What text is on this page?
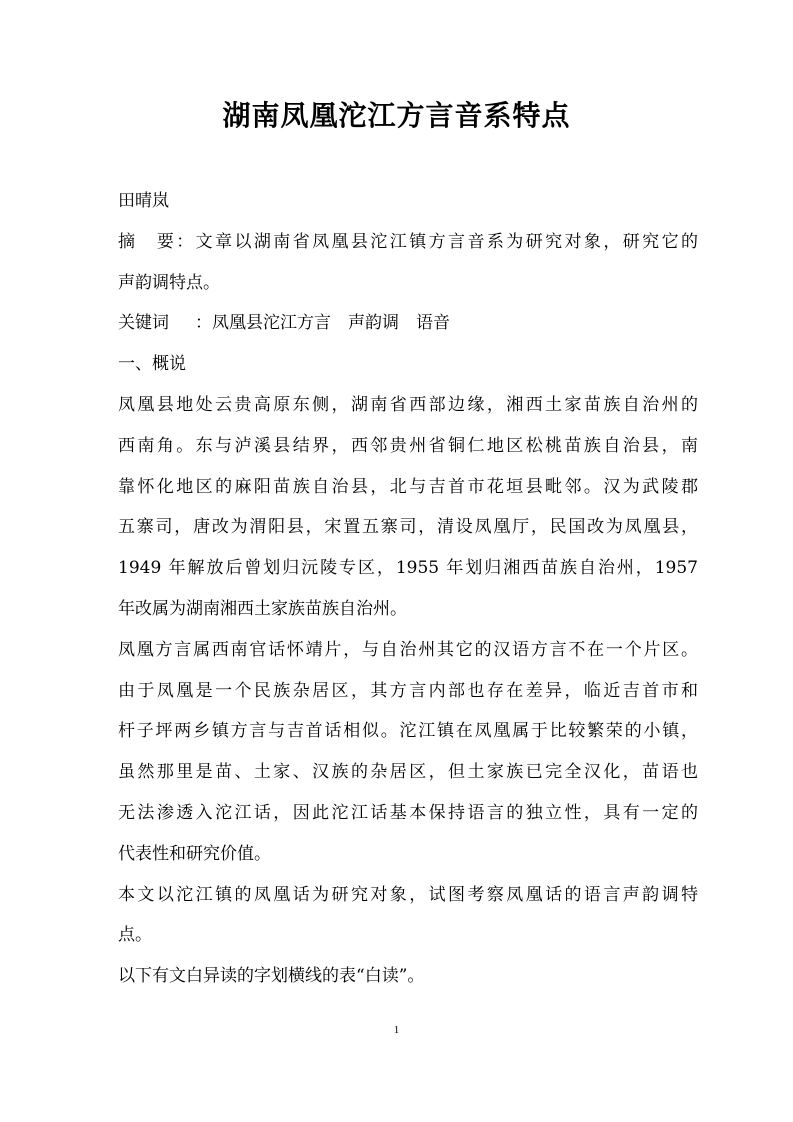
湖南凤凰沱江方言音系特点
田晴岚
摘　要：文章以湖南省凤凰县沱江镇方言音系为研究对象，研究它的
声韵调特点。
关键词 ：凤凰县沱江方言　声韵调　语音
一、概说
凤凰县地处云贵高原东侧，湖南省西部边缘，湘西土家苗族自治州的
西南角。东与泸溪县结界，西邻贵州省铜仁地区松桃苗族自治县，南
靠怀化地区的麻阳苗族自治县，北与吉首市花垣县毗邻。汉为武陵郡
五寨司，唐改为渭阳县，宋置五寨司，清设凤凰厅，民国改为凤凰县，
1949 年解放后曾划归沅陵专区，1955 年划归湘西苗族自治州，1957
年改属为湖南湘西土家族苗族自治州。
凤凰方言属西南官话怀靖片，与自治州其它的汉语方言不在一个片区。
由于凤凰是一个民族杂居区，其方言内部也存在差异，临近吉首市和
杆子坪两乡镇方言与吉首话相似。沱江镇在凤凰属于比较繁荣的小镇，
虽然那里是苗、土家、汉族的杂居区，但土家族已完全汉化，苗语也
无法渗透入沱江话，因此沱江话基本保持语言的独立性，具有一定的
代表性和研究价值。
本文以沱江镇的凤凰话为研究对象，试图考察凤凰话的语言声韵调特
点。
以下有文白异读的字划横线的表“白读”。
1
